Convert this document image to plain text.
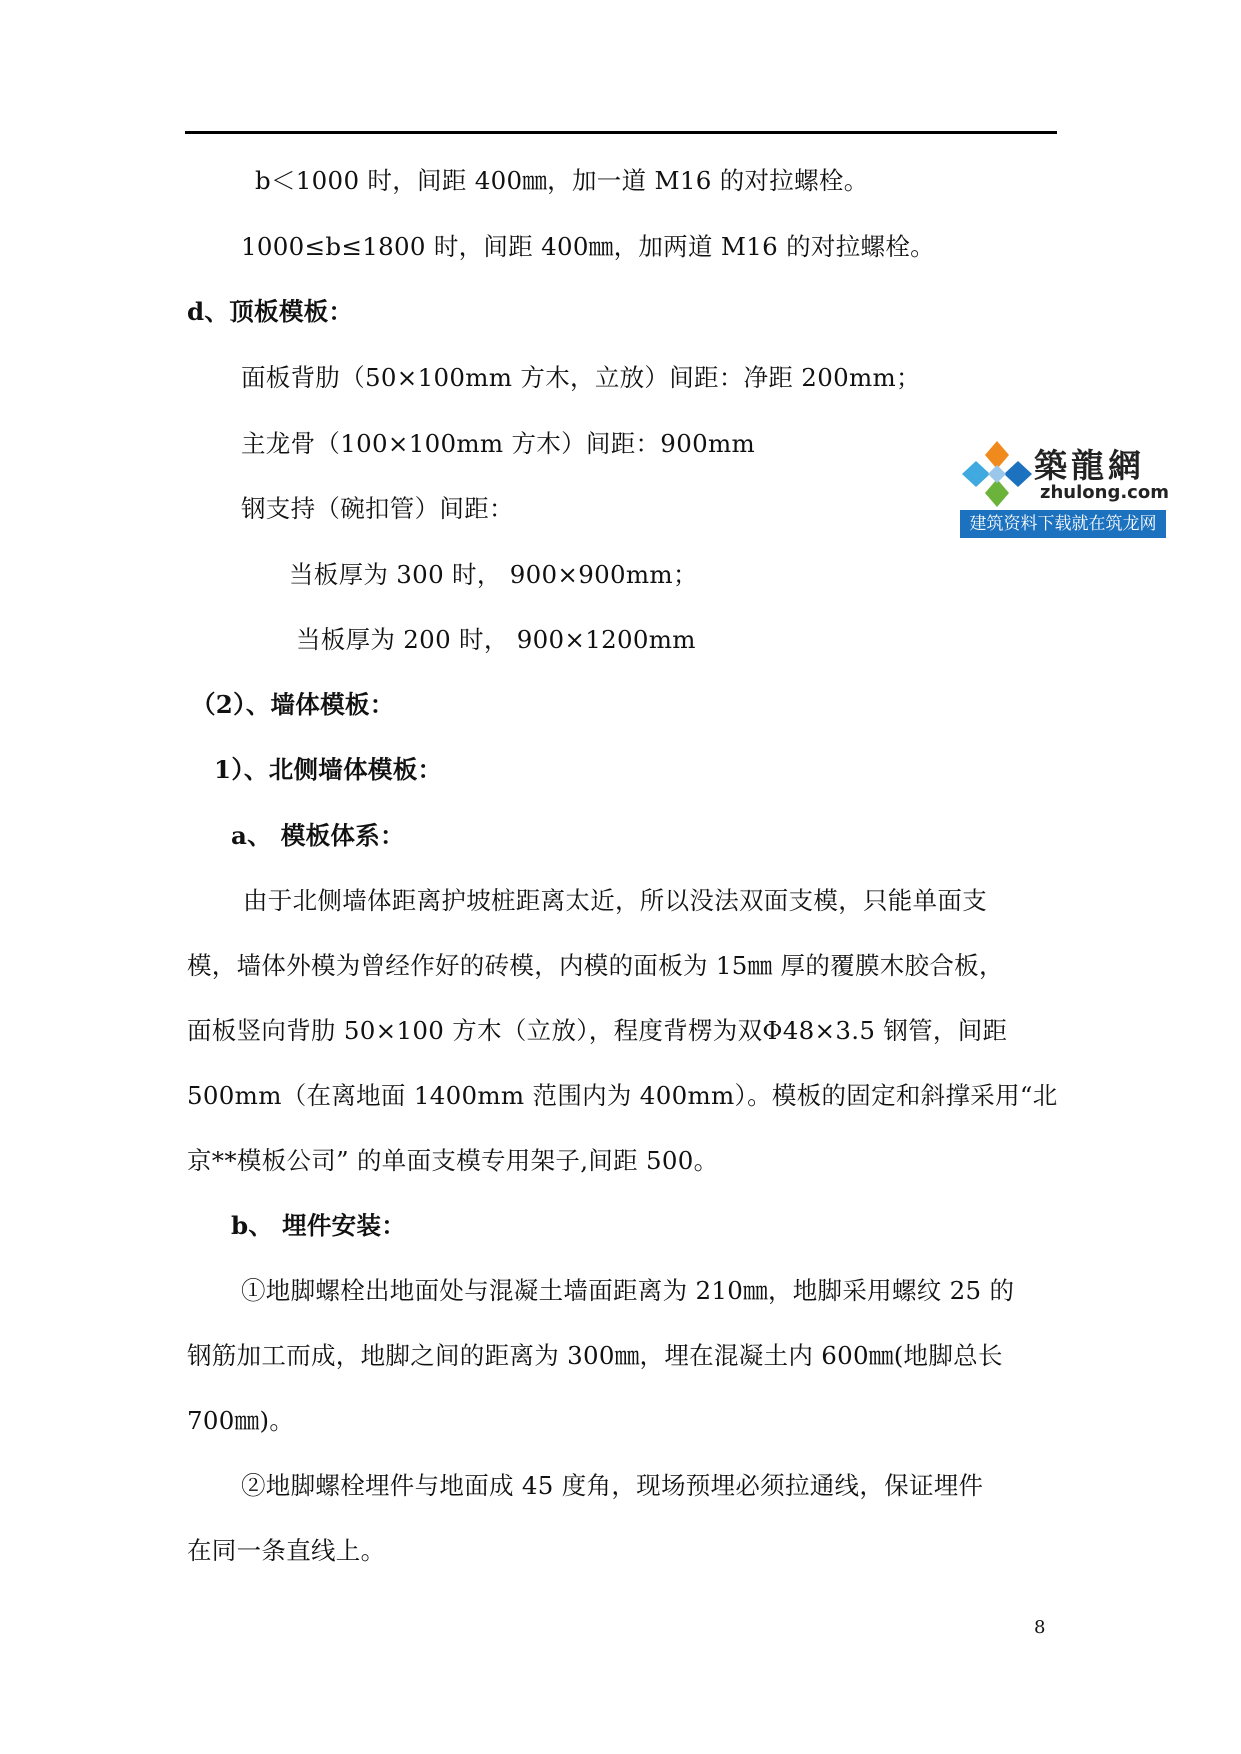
b＜1000 时，间距 400㎜，加一道 M16 的对拉螺栓。
1000≤b≤1800 时，间距 400㎜，加两道 M16 的对拉螺栓。
d、顶板模板：
面板背肋（50×100mm 方木，立放）间距：净距 200mm；
主龙骨（100×100mm 方木）间距：900mm
钢支持（碗扣管）间距：
当板厚为 300 时， 900×900mm；
当板厚为 200 时， 900×1200mm
（2）、墙体模板：
1）、北侧墙体模板：
a、 模板体系：
由于北侧墙体距离护坡桩距离太近，所以没法双面支模，只能单面支
模，墙体外模为曾经作好的砖模，内模的面板为 15㎜ 厚的覆膜木胶合板，
面板竖向背肋 50×100 方木（立放），程度背楞为双Φ48×3.5 钢管，间距
500mm（在离地面 1400mm 范围内为 400mm）。模板的固定和斜撑采用“北
京**模板公司” 的单面支模专用架子,间距 500。
b、 埋件安装：
①地脚螺栓出地面处与混凝土墙面距离为 210㎜，地脚采用螺纹 25 的
钢筋加工而成，地脚之间的距离为 300㎜，埋在混凝土内 600㎜(地脚总长
700㎜)。
②地脚螺栓埋件与地面成 45 度角，现场预埋必须拉通线，保证埋件
在同一条直线上。
築龍網
zhulong.com
建筑资料下载就在筑龙网
8
